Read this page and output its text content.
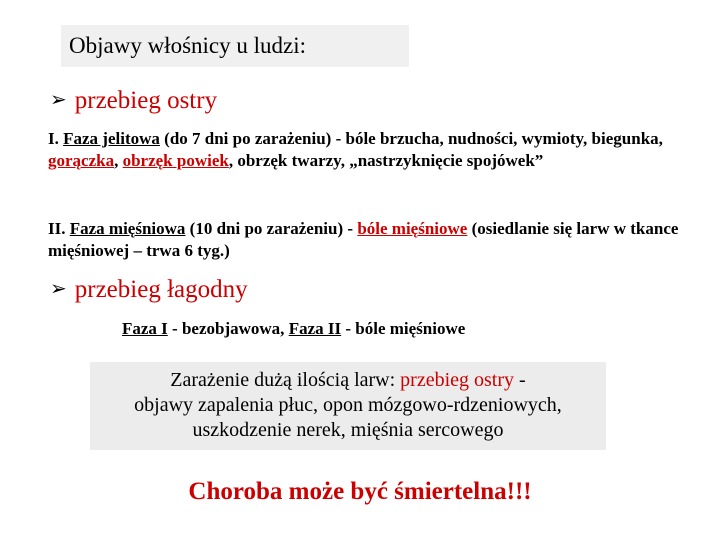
Objawy włośnicy u ludzi:
➢ przebieg ostry
I. Faza jelitowa (do 7 dni po zarażeniu) - bóle brzucha, nudności, wymioty, biegunka, gorączka, obrzęk powiek, obrzęk twarzy, „nastrzyknięcie spojówek”
II. Faza mięśniowa (10 dni po zarażeniu) - bóle mięśniowe (osiedlanie się larw w tkance mięśniowej – trwa 6 tyg.)
➢ przebieg łagodny
Faza I - bezobjawowa, Faza II - bóle mięśniowe
Zarażenie dużą ilością larw: przebieg ostry -
objawy zapalenia płuc, opon mózgowo-rdzeniowych,
uszkodzenie nerek, mięśnia sercowego
Choroba może być śmiertelna!!!
